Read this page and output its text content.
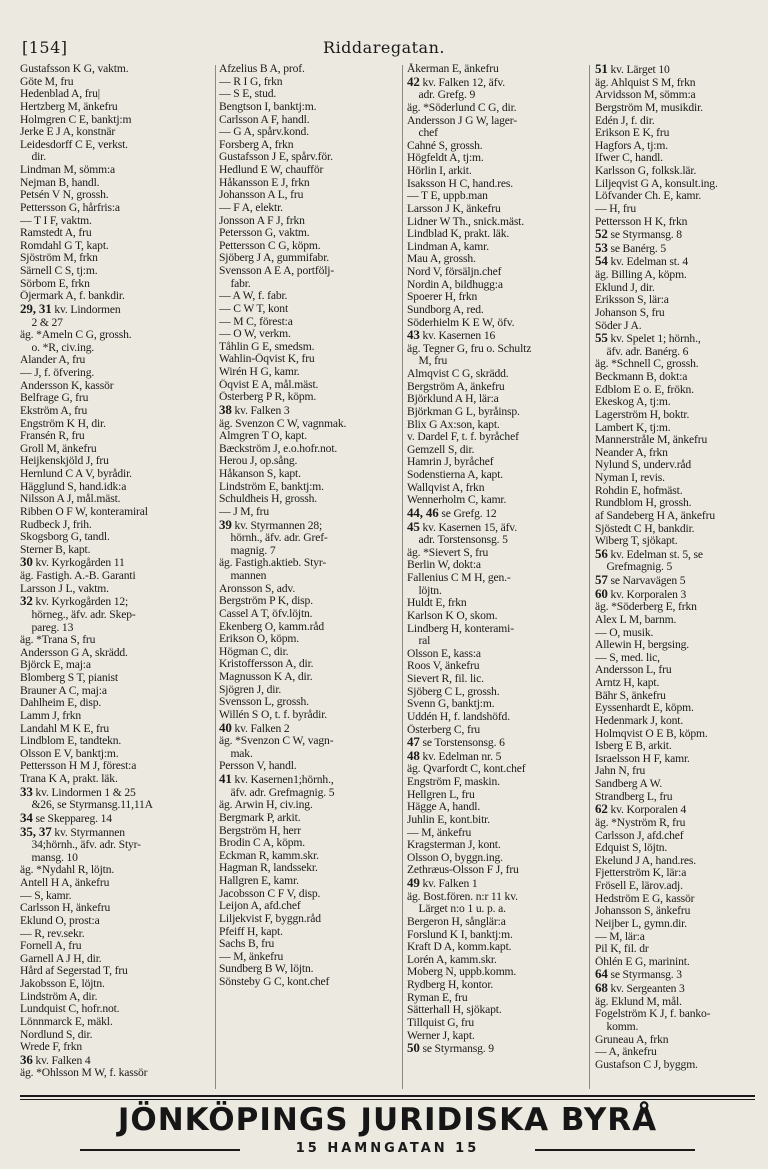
[154]	Riddaregatan.
Gustafsson K G, vaktm.
Göte M, fru
Hedenblad A, fru|
Hertzberg M, änkefru
Holmgren C E, banktj:m
Jerke E J A, konstnär
Leidesdorff C E, verkst.
 dir.
Lindman M, sömm:a
Nejman B, handl.
Petsén V N, grossh.
Pettersson G, hårfris:a
— T I F, vaktm.
Ramstedt A, fru
Romdahl G T, kapt.
Sjöström M, frkn
Särnell C S, tj:m.
Sörbom E, frkn
Öjermark A, f. bankdir.
29, 31 kv. Lindormen
 2 & 27
äg. *Ameln C G, grossh.
 o. *R, civ.ing.
Alander A, fru
— J, f. öfvering.
Andersson K, kassör
Belfrage G, fru
Ekström A, fru
Engström K H, dir.
Fransén R, fru
Groll M, änkefru
Heijkenskjöld J, fru
Hernlund C A V, byrådir.
Hägglund S, hand.idk:a
Nilsson A J, mål.mäst.
Ribben O F W, konteramiral
Rudbeck J, frih.
Skogsborg G, tandl.
Sterner B, kapt.
30 kv. Kyrkogården 11
äg. Fastigh. A.-B. Garanti
Larsson J L, vaktm.
32 kv. Kyrkogården 12;
 hörneg., äfv. adr. Skep-
 pareg. 13
äg. *Trana S, fru
Andersson G A, skrädd.
Björck E, maj:a
Blomberg S T, pianist
Brauner A C, maj:a
Dahlheim E, disp.
Lamm J, frkn
Landahl M K E, fru
Lindblom E, tandtekn.
Olsson E V, banktj:m.
Pettersson H M J, förest:a
Trana K A, prakt. läk.
33 kv. Lindormen 1 & 25
 &26, se Styrmansg.11,11A
34 se Skeppareg. 14
35, 37 kv. Styrmannen
 34;hörnh., äfv. adr. Styr-
 mansg. 10
äg. *Nydahl R, löjtn.
Antell H A, änkefru
— S, kamr.
Carlsson H, änkefru
Eklund O, prost:a
— R, rev.sekr.
Fornell A, fru
Garnell A J H, dir.
Hård af Segerstad T, fru
Jakobsson E, löjtn.
Lindström A, dir.
Lundquist C, hofr.not.
Lönnmarck E, mäkl.
Nordlund S, dir.
Wrede F, frkn
36 kv. Falken 4
äg. *Ohlsson M W, f. kassör
Afzelius B A, prof.
— R I G, frkn
— S E, stud.
Bengtson I, banktj:m.
Carlsson A F, handl.
— G A, spårv.kond.
Forsberg A, frkn
Gustafsson J E, spårv.för.
Hedlund E W, chaufför
Håkansson E J, frkn
Johansson A L, fru
— F A, elektr.
Jonsson A F J, frkn
Petersson G, vaktm.
Pettersson C G, köpm.
Sjöberg J A, gummifabr.
Svensson A E A, portfölj-
 fabr.
— A W, f. fabr.
— C W T, kont
— M C, förest:a
— O W, verkm.
Tåhlin G E, smedsm.
Wahlin-Öqvist K, fru
Wirén H G, kamr.
Öqvist E A, mål.mäst.
Österberg P R, köpm.
38 kv. Falken 3
äg. Svenzon C W, vagnmak.
Almgren T O, kapt.
Bæckström J, e.o.hofr.not.
Herou J, op.sång.
Håkanson S, kapt.
Lindström E, banktj:m.
Schuldheis H, grossh.
— J M, fru
39 kv. Styrmannen 28;
 hörnh., äfv. adr. Gref-
 magnig. 7
äg. Fastigh.aktieb. Styr-
 mannen
Aronsson S, adv.
Bergström P K, disp.
Cassel A T, öfv.löjtn.
Ekenberg O, kamm.råd
Erikson O, köpm.
Högman C, dir.
Kristoffersson A, dir.
Magnusson K A, dir.
Sjögren J, dir.
Svensson L, grossh.
Willén S O, t. f. byrådir.
40 kv. Falken 2
äg. *Svenzon C W, vagn-
 mak.
Persson V, handl.
41 kv. Kasernen1;hörnh.,
 äfv. adr. Grefmagnig. 5
äg. Arwin H, civ.ing.
Bergmark P, arkit.
Bergström H, herr
Brodin C A, köpm.
Eckman R, kamm.skr.
Hagman R, landssekr.
Hallgren E, kamr.
Jacobsson C F V, disp.
Leijon A, afd.chef
Liljekvist F, byggn.råd
Pfeiff H, kapt.
Sachs B, fru
— M, änkefru
Sundberg B W, löjtn.
Sönsteby G C, kont.chef
Åkerman E, änkefru
42 kv. Falken 12, äfv.
 adr. Grefg. 9
äg. *Söderlund C G, dir.
Andersson J G W, lager-
 chef
Cahné S, grossh.
Högfeldt A, tj:m.
Hörlin I, arkit.
Isaksson H C, hand.res.
— T E, uppb.man
Larsson J K, änkefru
Lidner W Th., snick.mäst.
Lindblad K, prakt. läk.
Lindman A, kamr.
Mau A, grossh.
Nord V, försäljn.chef
Nordin A, bildhugg:a
Spoerer H, frkn
Sundborg A, red.
Söderhielm K E W, öfv.
43 kv. Kasernen 16
äg. Tegner G, fru o. Schultz
 M, fru
Almqvist C G, skrädd.
Bergström A, änkefru
Björklund A H, lär:a
Björkman G L, byråinsp.
Blix G Ax:son, kapt.
v. Dardel F, t. f. byråchef
Gemzell S, dir.
Hamrin J, byråchef
Sodenstierna A, kapt.
Wallqvist A, frkn
Wennerholm C, kamr.
44, 46 se Grefg. 12
45 kv. Kasernen 15, äfv.
 adr. Torstensonsg. 5
äg. *Sievert S, fru
Berlin W, dokt:a
Fallenius C M H, gen.-
 löjtn.
Huldt E, frkn
Karlson K O, skom.
Lindberg H, konterami-
 ral
Olsson E, kass:a
Roos V, änkefru
Sievert R, fil. lic.
Sjöberg C L, grossh.
Svenn G, banktj:m.
Uddén H, f. landshöfd.
Österberg C, fru
47 se Torstensonsg. 6
48 kv. Edelman nr. 5
äg. Qvarfordt C, kont.chef
Engström F, maskin.
Hellgren L, fru
Hägge A, handl.
Juhlin E, kont.bitr.
— M, änkefru
Kragsterman J, kont.
Olsson O, byggn.ing.
Zethræus-Olsson F J, fru
49 kv. Falken 1
äg. Bost.fören. n:r 11 kv.
 Lärget n:o 1 u. p. a.
Bergeron H, sånglär:a
Forslund K I, banktj:m.
Kraft D A, komm.kapt.
Lorén A, kamm.skr.
Moberg N, uppb.komm.
Rydberg H, kontor.
Ryman E, fru
Sätterhall H, sjökapt.
Tillquist G, fru
Werner J, kapt.
50 se Styrmansg. 9
51 kv. Lärget 10
äg. Ahlquist S M, frkn
Arvidsson M, sömm:a
Bergström M, musikdir.
Edén J, f. dir.
Erikson E K, fru
Hagfors A, tj:m.
Ifwer C, handl.
Karlsson G, folksk.lär.
Liljeqvist G A, konsult.ing.
Löfvander Ch. E, kamr.
— H, fru
Pettersson H K, frkn
52 se Styrmansg. 8
53 se Banérg. 5
54 kv. Edelman st. 4
äg. Billing A, köpm.
Eklund J, dir.
Eriksson S, lär:a
Johanson S, fru
Söder J A.
55 kv. Spelet 1; hörnh.,
 äfv. adr. Banérg. 6
äg. *Schnell C, grossh.
Beckmann B, dokt:a
Edblom E o. E, frökn.
Ekeskog A, tj:m.
Lagerström H, boktr.
Lambert K, tj:m.
Mannerstråle M, änkefru
Neander A, frkn
Nylund S, underv.råd
Nyman I, revis.
Rohdin E, hofmäst.
Rundblom H, grossh.
af Sandeberg H A, änkefru
Sjöstedt C H, bankdir.
Wiberg T, sjökapt.
56 kv. Edelman st. 5, se
 Grefmagnig. 5
57 se Narvavägen 5
60 kv. Korporalen 3
äg. *Söderberg E, frkn
Alex L M, barnm.
— O, musik.
Allewin H, bergsing.
— S, med. lic,
Andersson L, fru
Arntz H, kapt.
Bähr S, änkefru
Eyssenhardt E, köpm.
Hedenmark J, kont.
Holmqvist O E B, köpm.
Isberg E B, arkit.
Israelsson H F, kamr.
Jahn N, fru
Sandberg A W.
Strandberg L, fru
62 kv. Korporalen 4
äg. *Nyström R, fru
Carlsson J, afd.chef
Edquist S, löjtn.
Ekelund J A, hand.res.
Fjetterström K, lär:a
Frösell E, lärov.adj.
Hedström E G, kassör
Johansson S, änkefru
Neijber L, gymn.dir.
— M, lär:a
Pil K, fil. dr
Öhlén E G, marinint.
64 se Styrmansg. 3
68 kv. Sergeanten 3
äg. Eklund M, mål.
Fogelström K J, f. banko-
 komm.
Gruneau A, frkn
— A, änkefru
Gustafson C J, byggm.
JÖNKÖPINGS JURIDISKA BYRÅ
15 HAMNGATAN 15
